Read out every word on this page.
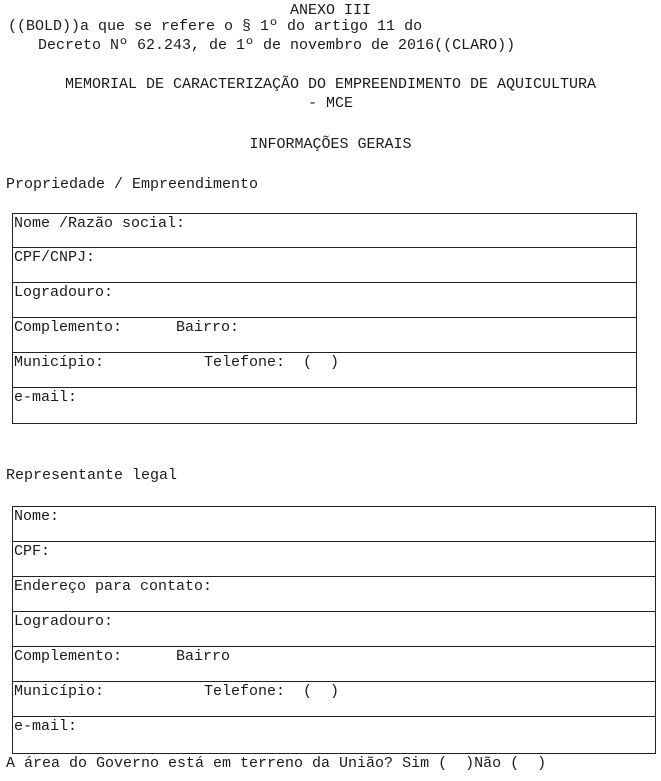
ANEXO III
((BOLD))a que se refere o § 1º do artigo 11 do
Decreto Nº 62.243, de 1º de novembro de 2016((CLARO))
MEMORIAL DE CARACTERIZAÇÃO DO EMPREENDIMENTO DE AQUICULTURA
- MCE
INFORMAÇÕES GERAIS
Propriedade / Empreendimento
Nome /Razão social:

CPF/CNPJ:

Logradouro:

Complemento:	Bairro:

Município:	Telefone:  (  )

e-mail:
Representante legal
Nome:

CPF:

Endereço para contato:

Logradouro:

Complemento:	Bairro

Município:	Telefone:  (  )

e-mail:
A área do Governo está em terreno da União? Sim (  )Não (  )
